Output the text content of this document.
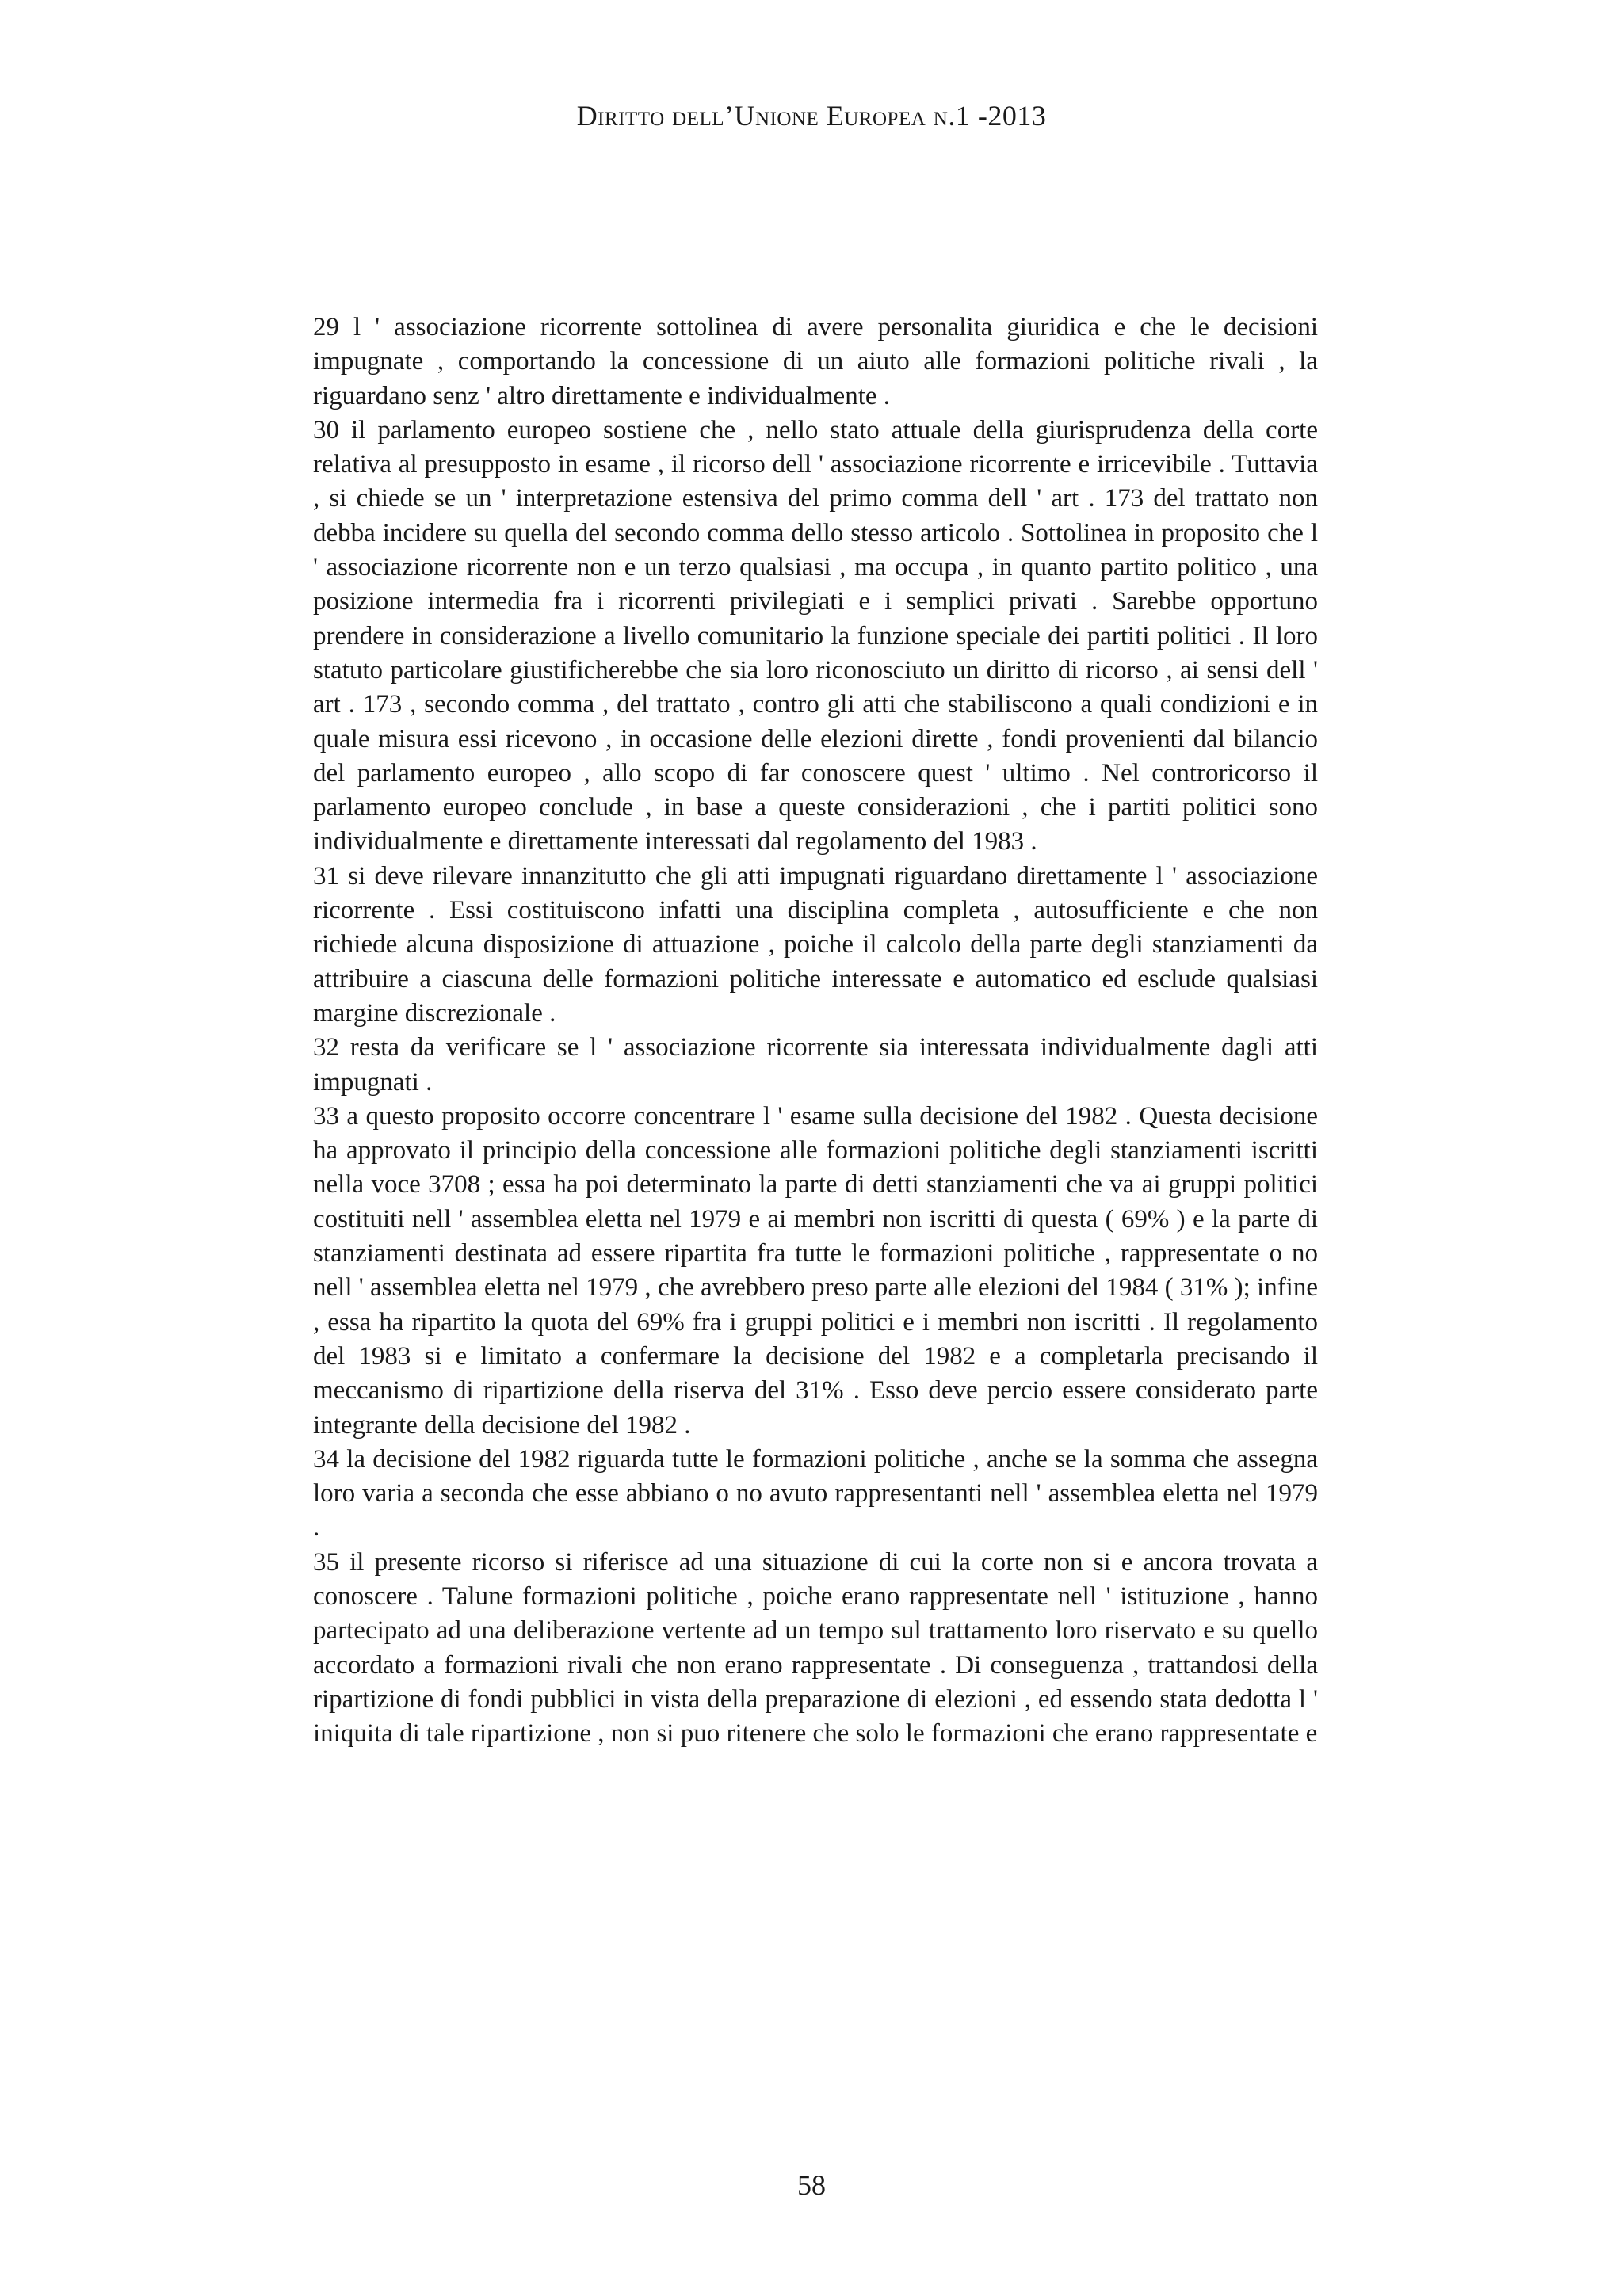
Diritto dell’Unione Europea n.1 -2013

29 l ' associazione ricorrente sottolinea di avere personalita giuridica e che le decisioni impugnate , comportando la concessione di un aiuto alle formazioni politiche rivali , la riguardano senz ' altro direttamente e individualmente .

30 il parlamento europeo sostiene che , nello stato attuale della giurisprudenza della corte relativa al presupposto in esame , il ricorso dell ' associazione ricorrente e irricevibile . Tuttavia , si chiede se un ' interpretazione estensiva del primo comma dell ' art . 173 del trattato non debba incidere su quella del secondo comma dello stesso articolo . Sottolinea in proposito che l ' associazione ricorrente non e un terzo qualsiasi , ma occupa , in quanto partito politico , una posizione intermedia fra i ricorrenti privilegiati e i semplici privati . Sarebbe opportuno prendere in considerazione a livello comunitario la funzione speciale dei partiti politici . Il loro statuto particolare giustificherebbe che sia loro riconosciuto un diritto di ricorso , ai sensi dell ' art . 173 , secondo comma , del trattato , contro gli atti che stabiliscono a quali condizioni e in quale misura essi ricevono , in occasione delle elezioni dirette , fondi provenienti dal bilancio del parlamento europeo , allo scopo di far conoscere quest ' ultimo . Nel controricorso il parlamento europeo conclude , in base a queste considerazioni , che i partiti politici sono individualmente e direttamente interessati dal regolamento del 1983 .

31 si deve rilevare innanzitutto che gli atti impugnati riguardano direttamente l ' associazione ricorrente . Essi costituiscono infatti una disciplina completa , autosufficiente e che non richiede alcuna disposizione di attuazione , poiche il calcolo della parte degli stanziamenti da attribuire a ciascuna delle formazioni politiche interessate e automatico ed esclude qualsiasi margine discrezionale .

32 resta da verificare se l ' associazione ricorrente sia interessata individualmente dagli atti impugnati .

33 a questo proposito occorre concentrare l ' esame sulla decisione del 1982 . Questa decisione ha approvato il principio della concessione alle formazioni politiche degli stanziamenti iscritti nella voce 3708 ; essa ha poi determinato la parte di detti stanziamenti che va ai gruppi politici costituiti nell ' assemblea eletta nel 1979 e ai membri non iscritti di questa ( 69% ) e la parte di stanziamenti destinata ad essere ripartita fra tutte le formazioni politiche , rappresentate o no nell ' assemblea eletta nel 1979 , che avrebbero preso parte alle elezioni del 1984 ( 31% ); infine , essa ha ripartito la quota del 69% fra i gruppi politici e i membri non iscritti . Il regolamento del 1983 si e limitato a confermare la decisione del 1982 e a completarla precisando il meccanismo di ripartizione della riserva del 31% . Esso deve percio essere considerato parte integrante della decisione del 1982 .

34 la decisione del 1982 riguarda tutte le formazioni politiche , anche se la somma che assegna loro varia a seconda che esse abbiano o no avuto rappresentanti nell ' assemblea eletta nel 1979 .

35 il presente ricorso si riferisce ad una situazione di cui la corte non si e ancora trovata a conoscere . Talune formazioni politiche , poiche erano rappresentate nell ' istituzione , hanno partecipato ad una deliberazione vertente ad un tempo sul trattamento loro riservato e su quello accordato a formazioni rivali che non erano rappresentate . Di conseguenza , trattandosi della ripartizione di fondi pubblici in vista della preparazione di elezioni , ed essendo stata dedotta l ' iniquita di tale ripartizione , non si puo ritenere che solo le formazioni che erano rappresentate e

58
